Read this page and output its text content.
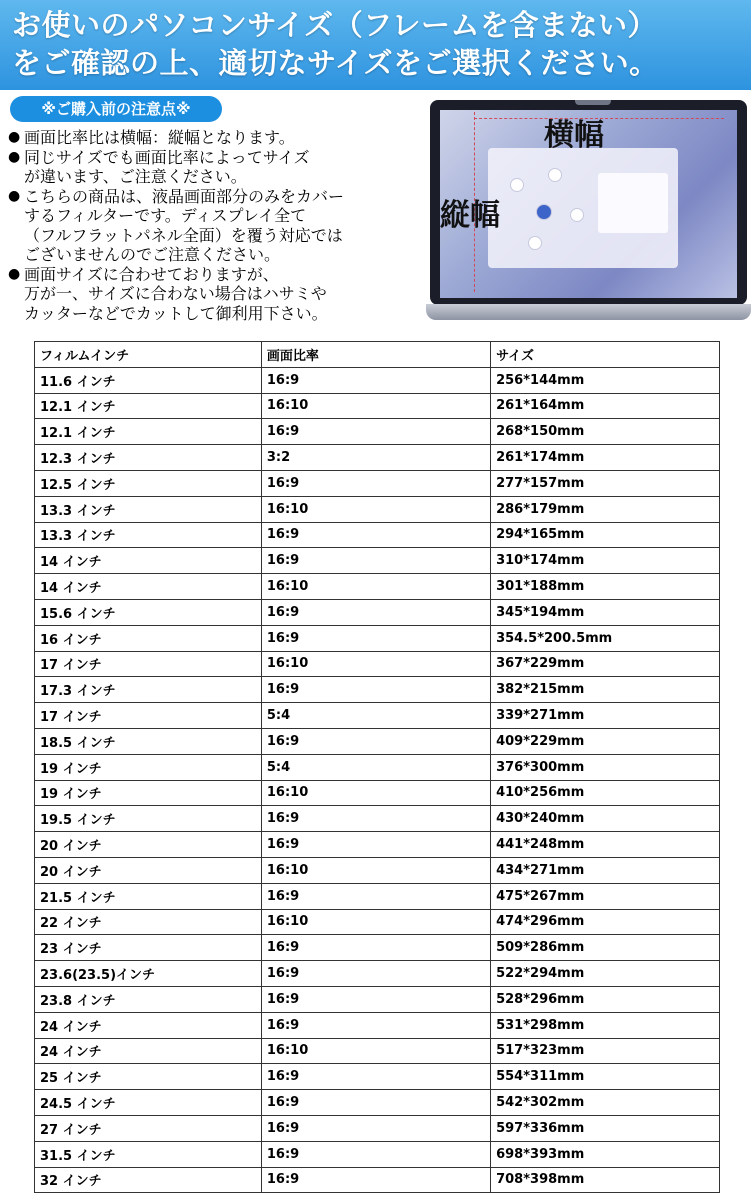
お使いのパソコンサイズ（フレームを含まない）
をご確認の上、適切なサイズをご選択ください。
※ご購入前の注意点※
● 画面比率比は横幅：縦幅となります。
● 同じサイズでも画面比率によってサイズ
が違います、ご注意ください。
● こちらの商品は、液晶画面部分のみをカバー
するフィルターです。ディスプレイ全て
（フルフラットパネル全面）を覆う対応では
ございませんのでご注意ください。
● 画面サイズに合わせておりますが、
万が一、サイズに合わない場合はハサミや
カッターなどでカットして御利用下さい。
横幅
縦幅
フィルムインチ	画面比率	サイズ
11.6 インチ	16:9	256*144mm
12.1 インチ	16:10	261*164mm
12.1 インチ	16:9	268*150mm
12.3 インチ	3:2	261*174mm
12.5 インチ	16:9	277*157mm
13.3 インチ	16:10	286*179mm
13.3 インチ	16:9	294*165mm
14 インチ	16:9	310*174mm
14 インチ	16:10	301*188mm
15.6 インチ	16:9	345*194mm
16 インチ	16:9	354.5*200.5mm
17 インチ	16:10	367*229mm
17.3 インチ	16:9	382*215mm
17 インチ	5:4	339*271mm
18.5 インチ	16:9	409*229mm
19 インチ	5:4	376*300mm
19 インチ	16:10	410*256mm
19.5 インチ	16:9	430*240mm
20 インチ	16:9	441*248mm
20 インチ	16:10	434*271mm
21.5 インチ	16:9	475*267mm
22 インチ	16:10	474*296mm
23 インチ	16:9	509*286mm
23.6(23.5)インチ	16:9	522*294mm
23.8 インチ	16:9	528*296mm
24 インチ	16:9	531*298mm
24 インチ	16:10	517*323mm
25 インチ	16:9	554*311mm
24.5 インチ	16:9	542*302mm
27 インチ	16:9	597*336mm
31.5 インチ	16:9	698*393mm
32 インチ	16:9	708*398mm
